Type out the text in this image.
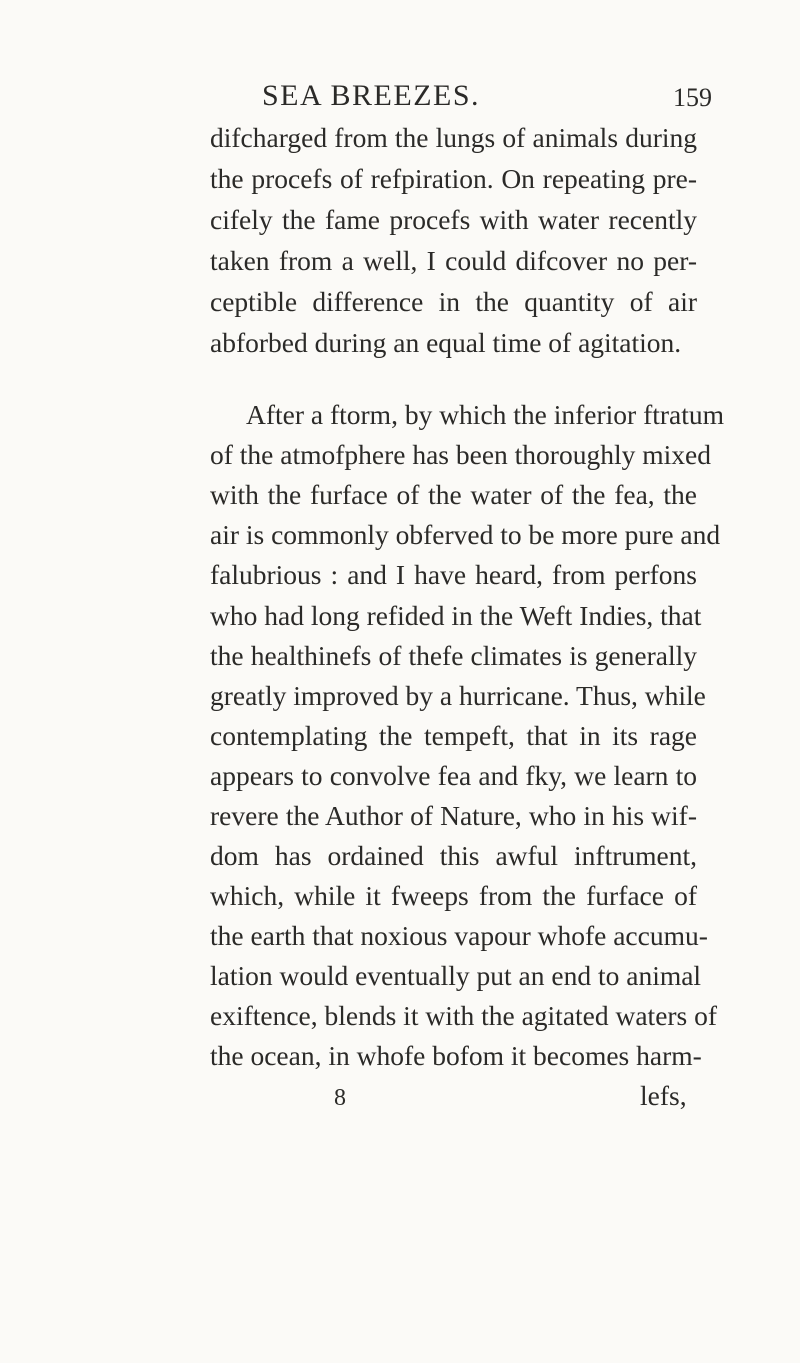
SEA BREEZES.	159
difcharged from the lungs of animals during
the procefs of refpiration. On repeating pre-
cifely the fame procefs with water recently
taken from a well, I could difcover no per-
ceptible difference in the quantity of air
abforbed during an equal time of agitation.
After a ftorm, by which the inferior ftratum
of the atmofphere has been thoroughly mixed
with the furface of the water of the fea, the
air is commonly obferved to be more pure and
falubrious : and I have heard, from perfons
who had long refided in the Weft Indies, that
the healthinefs of thefe climates is generally
greatly improved by a hurricane. Thus, while
contemplating the tempeft, that in its rage
appears to convolve fea and fky, we learn to
revere the Author of Nature, who in his wif-
dom has ordained this awful inftrument,
which, while it fweeps from the furface of
the earth that noxious vapour whofe accumu-
lation would eventually put an end to animal
exiftence, blends it with the agitated waters of
the ocean, in whofe bofom it becomes harm-
8	lefs,
